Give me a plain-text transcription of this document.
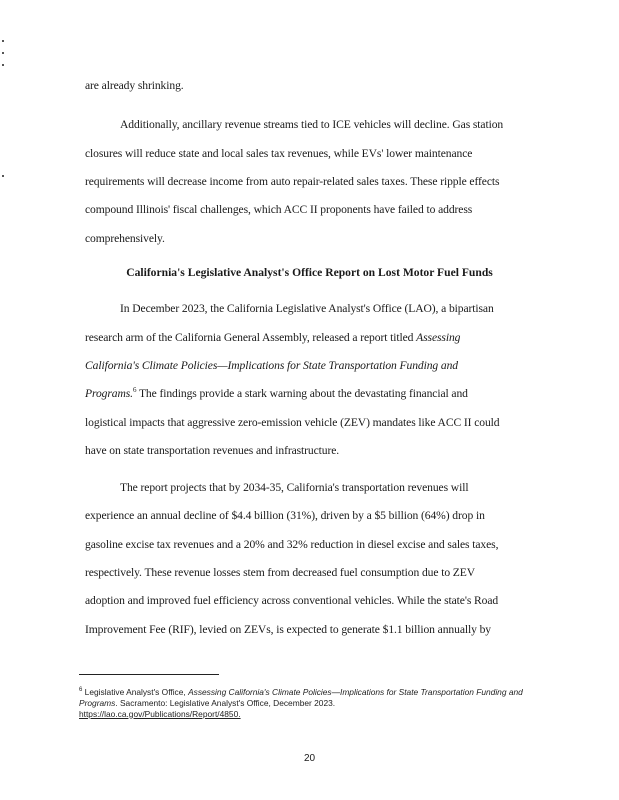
are already shrinking.
Additionally, ancillary revenue streams tied to ICE vehicles will decline. Gas station
closures will reduce state and local sales tax revenues, while EVs' lower maintenance
requirements will decrease income from auto repair-related sales taxes. These ripple effects
compound Illinois' fiscal challenges, which ACC II proponents have failed to address
comprehensively.
California's Legislative Analyst's Office Report on Lost Motor Fuel Funds
In December 2023, the California Legislative Analyst's Office (LAO), a bipartisan
research arm of the California General Assembly, released a report titled Assessing
California's Climate Policies—Implications for State Transportation Funding and
Programs.$^6$ The findings provide a stark warning about the devastating financial and
logistical impacts that aggressive zero-emission vehicle (ZEV) mandates like ACC II could
have on state transportation revenues and infrastructure.
The report projects that by 2034-35, California's transportation revenues will
experience an annual decline of $4.4 billion (31%), driven by a $5 billion (64%) drop in
gasoline excise tax revenues and a 20% and 32% reduction in diesel excise and sales taxes,
respectively. These revenue losses stem from decreased fuel consumption due to ZEV
adoption and improved fuel efficiency across conventional vehicles. While the state's Road
Improvement Fee (RIF), levied on ZEVs, is expected to generate $1.1 billion annually by
$^6$ Legislative Analyst's Office, Assessing California's Climate Policies—Implications for State Transportation Funding and Programs. Sacramento: Legislative Analyst's Office, December 2023.
https://lao.ca.gov/Publications/Report/4850.
20
